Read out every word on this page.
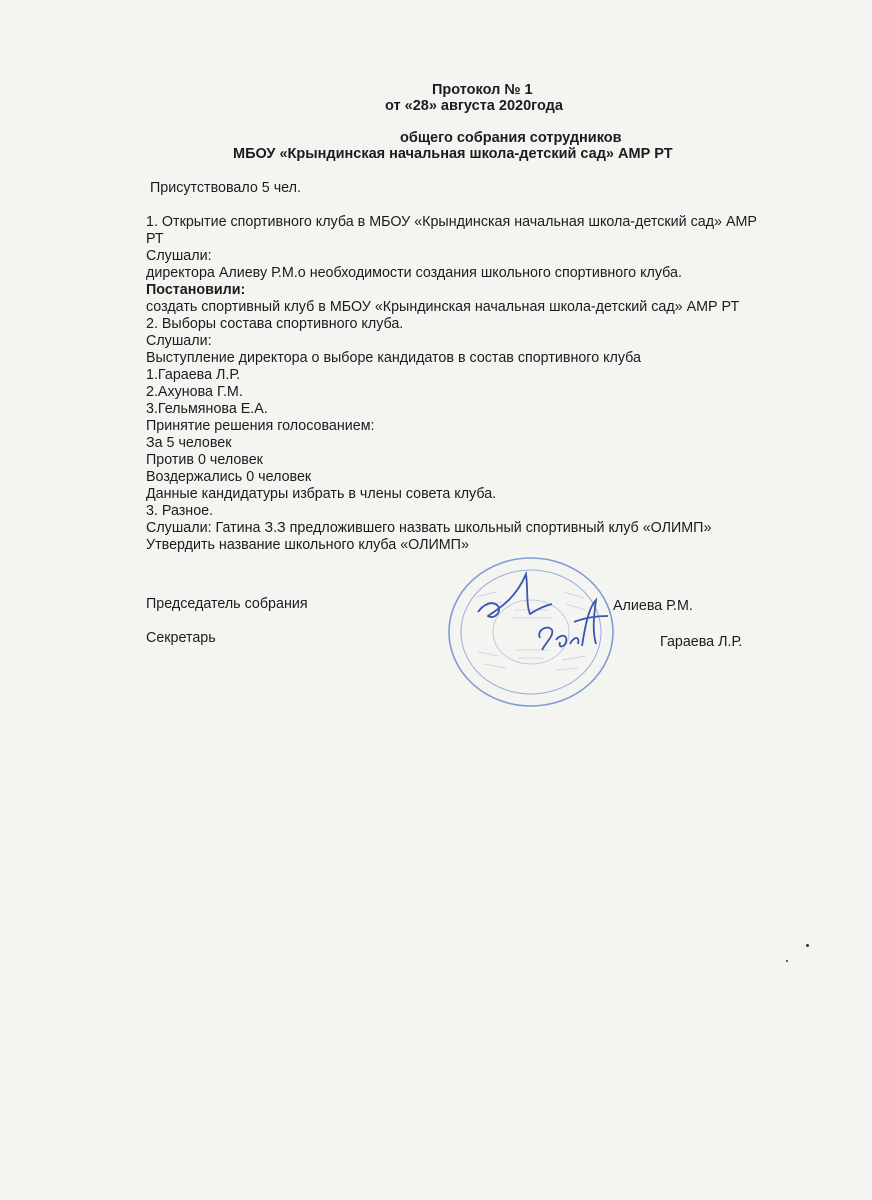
Протокол № 1
от «28» августа 2020года
общего собрания сотрудников
МБОУ «Крындинская начальная школа-детский сад» АМР РТ
Присутствовало 5 чел.
1. Открытие спортивного клуба в МБОУ «Крындинская начальная школа-детский сад» АМР
РТ
Слушали:
директора Алиеву Р.М.о необходимости создания школьного спортивного клуба.
Постановили:
создать спортивный клуб в МБОУ «Крындинская начальная школа-детский сад» АМР РТ
2. Выборы состава спортивного клуба.
Слушали:
Выступление директора о выборе кандидатов в состав спортивного клуба
1.Гараева Л.Р.
2.Ахунова Г.М.
3.Гельмянова Е.А.
Принятие решения голосованием:
За 5 человек
Против 0 человек
Воздержались 0 человек
Данные кандидатуры избрать в члены совета клуба.
3. Разное.
Слушали: Гатина З.З предложившего назвать школьный спортивный клуб «ОЛИМП»
Утвердить название школьного клуба «ОЛИМП»
Председатель собрания	Алиева Р.М.
Секретарь	Гараева Л.Р.
